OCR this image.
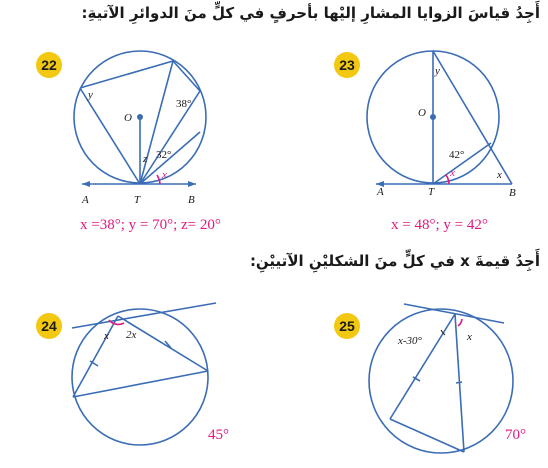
أَجِدُ قياسَ الزوايا المشارِ إليْها بأحرفٍ في كلٍّ منَ الدوائرِ الآتيةِ:
أَجِدُ قيمةَ x في كلٍّ منَ الشكليْنِ الآتييْنِ:
22	23
24	25
x =38°; y = 70°; z= 20°	x = 48°; y = 42°
45°	70°
O
y
z
x
38°
32°
A	T	B
O
y
x	x
42°
A	T	B
x 2x	x-30°	x
